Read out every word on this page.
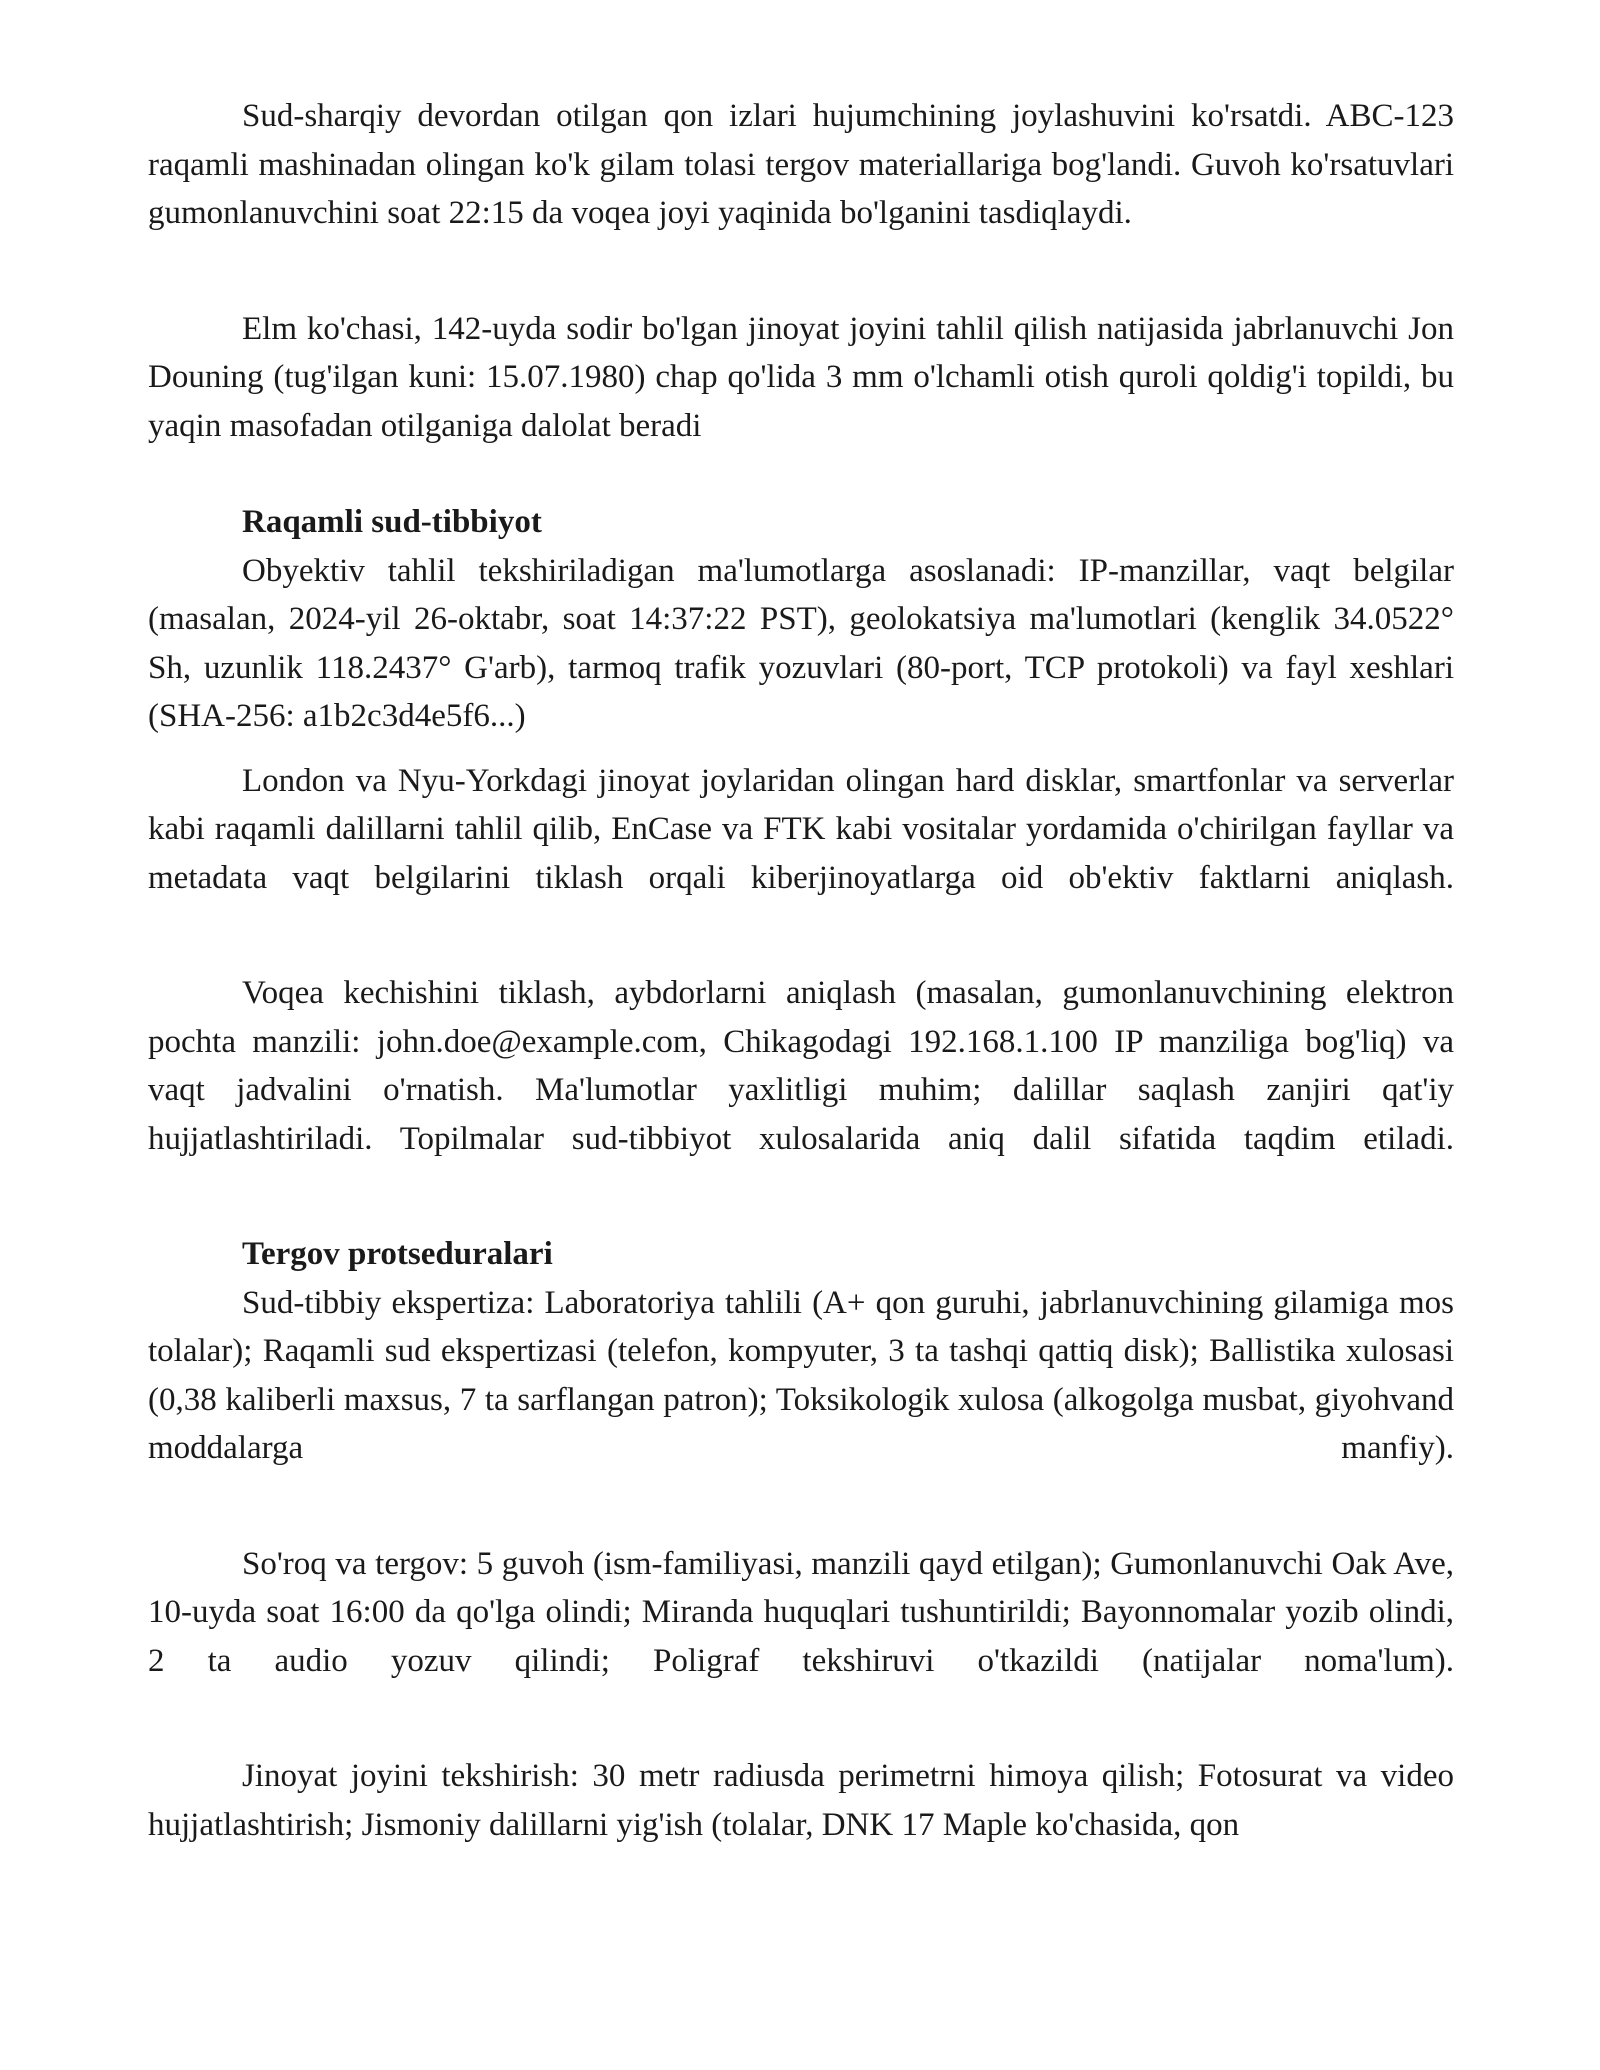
Sud-sharqiy devordan otilgan qon izlari hujumchining joylashuvini ko'rsatdi. ABC-123 raqamli mashinadan olingan ko'k gilam tolasi tergov materiallariga bog'landi. Guvoh ko'rsatuvlari gumonlanuvchini soat 22:15 da voqea joyi yaqinida bo'lganini tasdiqlaydi.

Elm ko'chasi, 142-uyda sodir bo'lgan jinoyat joyini tahlil qilish natijasida jabrlanuvchi Jon Douning (tug'ilgan kuni: 15.07.1980) chap qo'lida 3 mm o'lchamli otish quroli qoldig'i topildi, bu yaqin masofadan otilganiga dalolat beradi

Raqamli sud-tibbiyot

Obyektiv tahlil tekshiriladigan ma'lumotlarga asoslanadi: IP-manzillar, vaqt belgilar (masalan, 2024-yil 26-oktabr, soat 14:37:22 PST), geolokatsiya ma'lumotlari (kenglik 34.0522° Sh, uzunlik 118.2437° G'arb), tarmoq trafik yozuvlari (80-port, TCP protokoli) va fayl xeshlari (SHA-256: a1b2c3d4e5f6...)

London va Nyu-Yorkdagi jinoyat joylaridan olingan hard disklar, smartfonlar va serverlar kabi raqamli dalillarni tahlil qilib, EnCase va FTK kabi vositalar yordamida o'chirilgan fayllar va metadata vaqt belgilarini tiklash orqali kiberjinoyatlarga oid ob'ektiv faktlarni aniqlash.

Voqea kechishini tiklash, aybdorlarni aniqlash (masalan, gumonlanuvchining elektron pochta manzili: john.doe@example.com, Chikagodagi 192.168.1.100 IP manziliga bog'liq) va vaqt jadvalini o'rnatish. Ma'lumotlar yaxlitligi muhim; dalillar saqlash zanjiri qat'iy hujjatlashtiriladi. Topilmalar sud-tibbiyot xulosalarida aniq dalil sifatida taqdim etiladi.

Tergov protseduralari

Sud-tibbiy ekspertiza: Laboratoriya tahlili (A+ qon guruhi, jabrlanuvchining gilamiga mos tolalar); Raqamli sud ekspertizasi (telefon, kompyuter, 3 ta tashqi qattiq disk); Ballistika xulosasi (0,38 kaliberli maxsus, 7 ta sarflangan patron); Toksikologik xulosa (alkogolga musbat, giyohvand moddalarga manfiy).

So'roq va tergov: 5 guvoh (ism-familiyasi, manzili qayd etilgan); Gumonlanuvchi Oak Ave, 10-uyda soat 16:00 da qo'lga olindi; Miranda huquqlari tushuntirildi; Bayonnomalar yozib olindi, 2 ta audio yozuv qilindi; Poligraf tekshiruvi o'tkazildi (natijalar noma'lum).

Jinoyat joyini tekshirish: 30 metr radiusda perimetrni himoya qilish; Fotosurat va video hujjatlashtirish; Jismoniy dalillarni yig'ish (tolalar, DNK 17 Maple ko'chasida, qon
